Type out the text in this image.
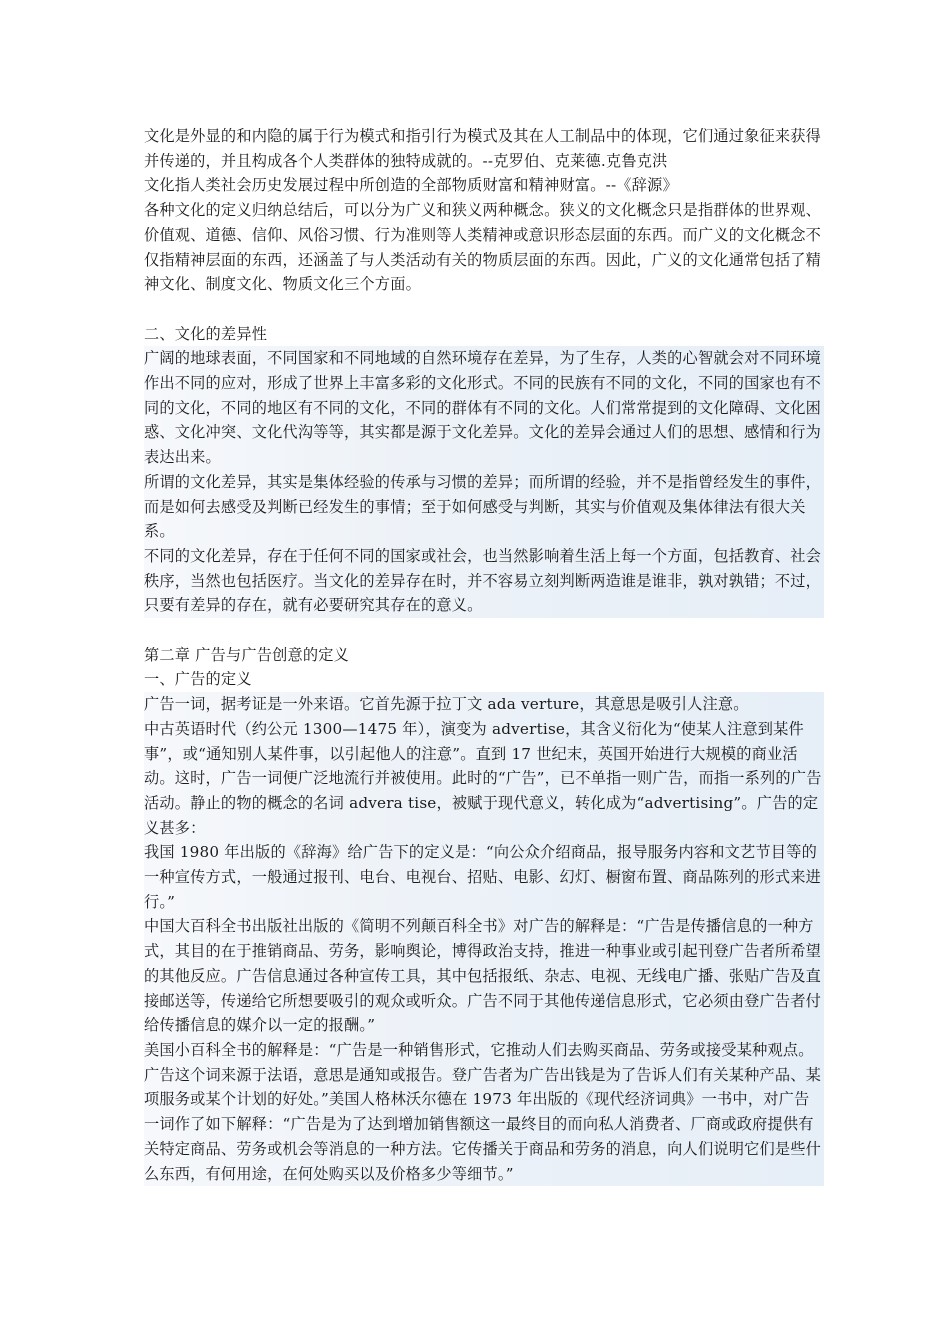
文化是外显的和内隐的属于行为模式和指引行为模式及其在人工制品中的体现，它们通过象征来获得并传递的，并且构成各个人类群体的独特成就的。--克罗伯、克莱德.克鲁克洪

文化指人类社会历史发展过程中所创造的全部物质财富和精神财富。--《辞源》

各种文化的定义归纳总结后，可以分为广义和狭义两种概念。狭义的文化概念只是指群体的世界观、价值观、道德、信仰、风俗习惯、行为准则等人类精神或意识形态层面的东西。而广义的文化概念不仅指精神层面的东西，还涵盖了与人类活动有关的物质层面的东西。因此，广义的文化通常包括了精神文化、制度文化、物质文化三个方面。

二、文化的差异性

广阔的地球表面，不同国家和不同地域的自然环境存在差异，为了生存，人类的心智就会对不同环境作出不同的应对，形成了世界上丰富多彩的文化形式。不同的民族有不同的文化，不同的国家也有不同的文化，不同的地区有不同的文化，不同的群体有不同的文化。人们常常提到的文化障碍、文化困惑、文化冲突、文化代沟等等，其实都是源于文化差异。文化的差异会通过人们的思想、感情和行为表达出来。

所谓的文化差异，其实是集体经验的传承与习惯的差异；而所谓的经验，并不是指曾经发生的事件，而是如何去感受及判断已经发生的事情；至于如何感受与判断，其实与价值观及集体律法有很大关系。

不同的文化差异，存在于任何不同的国家或社会，也当然影响着生活上每一个方面，包括教育、社会秩序，当然也包括医疗。当文化的差异存在时，并不容易立刻判断两造谁是谁非，孰对孰错；不过，只要有差异的存在，就有必要研究其存在的意义。

第二章 广告与广告创意的定义

一、广告的定义

广告一词，据考证是一外来语。它首先源于拉丁文 ada verture，其意思是吸引人注意。

中古英语时代（约公元 1300—1475 年），演变为 advertise，其含义衍化为“使某人注意到某件事”，或“通知别人某件事，以引起他人的注意”。直到 17 世纪末，英国开始进行大规模的商业活动。这时，广告一词便广泛地流行并被使用。此时的“广告”，已不单指一则广告，而指一系列的广告活动。静止的物的概念的名词 advera tise，被赋于现代意义，转化成为“advertising”。广告的定义甚多：

我国 1980 年出版的《辞海》给广告下的定义是：“向公众介绍商品，报导服务内容和文艺节目等的一种宣传方式，一般通过报刊、电台、电视台、招贴、电影、幻灯、橱窗布置、商品陈列的形式来进行。”

中国大百科全书出版社出版的《简明不列颠百科全书》对广告的解释是：“广告是传播信息的一种方式，其目的在于推销商品、劳务，影响舆论，博得政治支持，推进一种事业或引起刊登广告者所希望的其他反应。广告信息通过各种宣传工具，其中包括报纸、杂志、电视、无线电广播、张贴广告及直接邮送等，传递给它所想要吸引的观众或听众。广告不同于其他传递信息形式，它必须由登广告者付给传播信息的媒介以一定的报酬。”

美国小百科全书的解释是：“广告是一种销售形式，它推动人们去购买商品、劳务或接受某种观点。广告这个词来源于法语，意思是通知或报告。登广告者为广告出钱是为了告诉人们有关某种产品、某项服务或某个计划的好处。”美国人格林沃尔德在 1973 年出版的《现代经济词典》一书中，对广告一词作了如下解释：“广告是为了达到增加销售额这一最终目的而向私人消费者、厂商或政府提供有关特定商品、劳务或机会等消息的一种方法。它传播关于商品和劳务的消息，向人们说明它们是些什么东西，有何用途，在何处购买以及价格多少等细节。”
